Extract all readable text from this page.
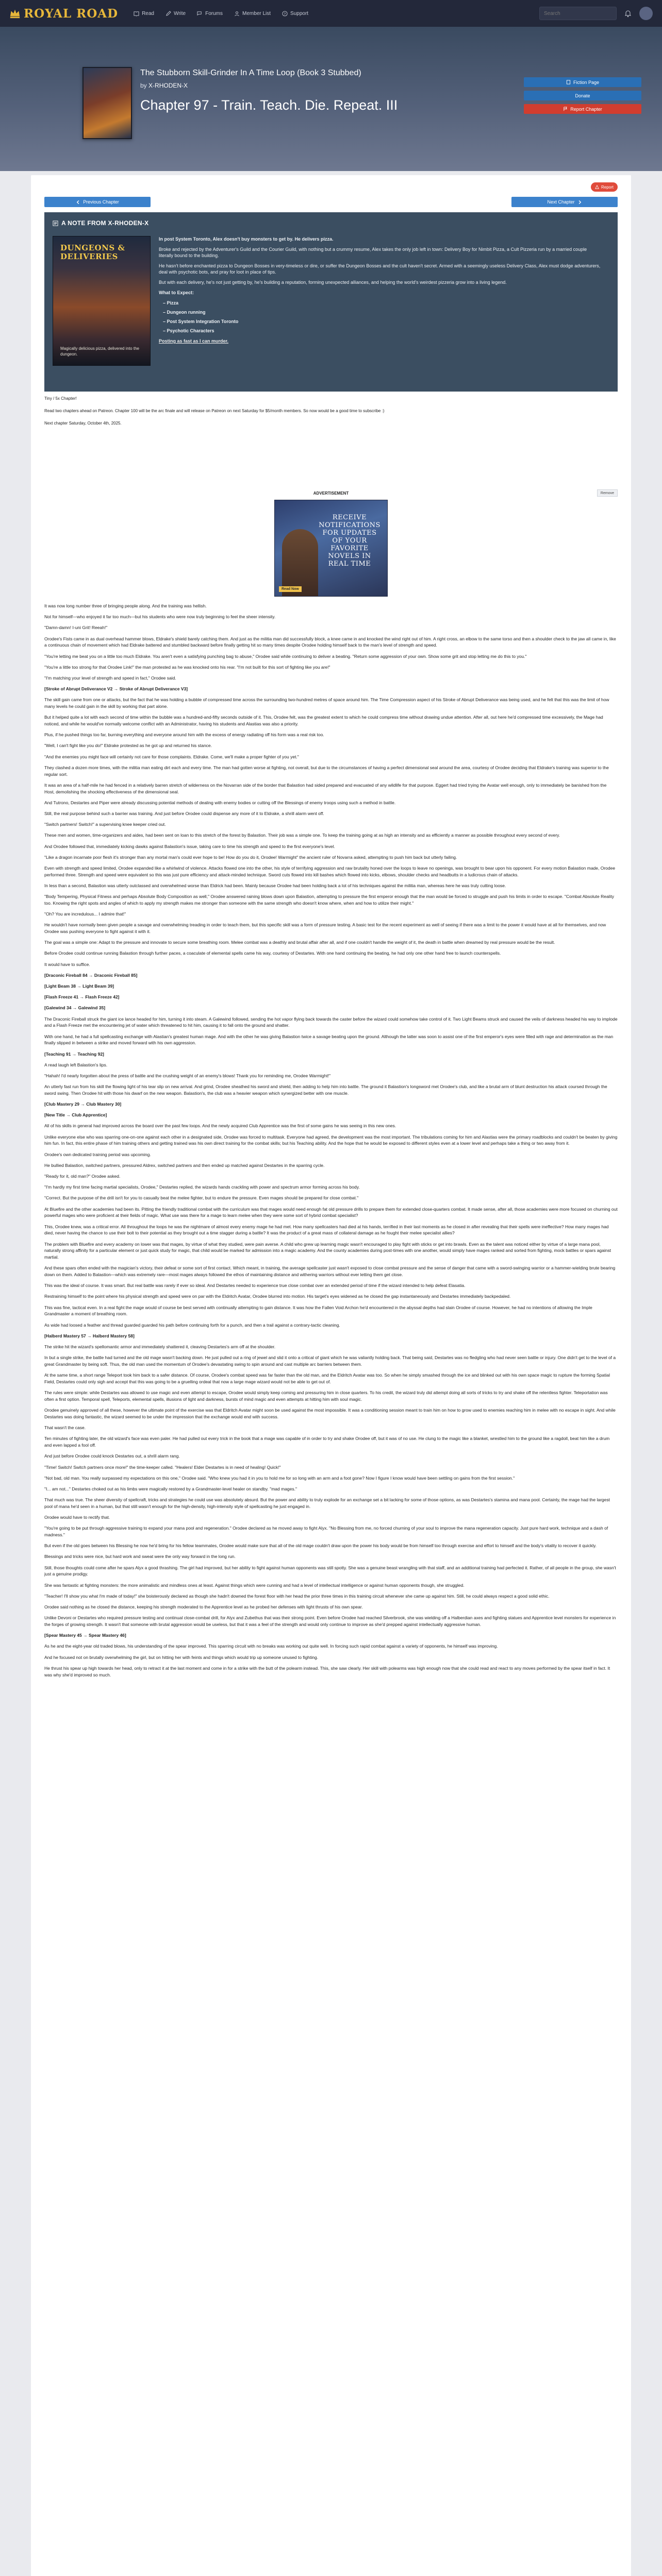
ROYAL ROAD	Read	Write	Forums	Member List	? Support
Search
The Stubborn Skill-Grinder In A Time Loop (Book 3 Stubbed)
by X-RHODEN-X
Chapter 97 - Train. Teach. Die. Repeat. III
Fiction Page
Donate
Report Chapter
Report
Previous Chapter	Next Chapter
A NOTE FROM X-RHODEN-X
DUNGEONS & DELIVERIES
Magically delicious pizza, delivered into the dungeon.

In post System Toronto, Alex doesn't buy monsters to get by. He delivers pizza.

Broke and rejected by the Adventurer's Guild and the Courier Guild, with nothing but a crummy resume, Alex takes the only job left in town: Delivery Boy for Nimbit Pizza, a Cult Pizzeria run by a married couple literally bound to the building.

He hasn't before enchanted pizza to Dungeon Bosses in very-timeless or dire, or suffer the Dungeon Bosses and the cult haven't secret. Armed with a seemingly useless Delivery Class, Alex must dodge adventurers, deal with psychotic bots, and pray for loot in place of tips.

But with each delivery, he's not just getting by, he's building a reputation, forming unexpected alliances, and helping the world's weirdest pizzeria grow into a living legend.

What to Expect:

– Pizza
– Dungeon running
– Post System Integration Toronto
– Psychotic Characters

Posting as fast as I can murder.

Tiny / 5x Chapter!
Read two chapters ahead on Patreon. Chapter 100 will be the arc finale and will release on Patreon on next Saturday for $5/month members. So now would be a good time to subscribe :)
Next chapter Saturday, October 4th, 2025.
ADVERTISEMENT	Remove
RECEIVE NOTIFICATIONS FOR UPDATES OF YOUR FAVORITE NOVELS IN REAL TIME
Read Now

It was now long number three of bringing people along. And the training was hellish.

Not for himself—who enjoyed it far too much—but his students who were now truly beginning to feel the sheer intensity.

"Damn-damn! I-uni Grit! Reeah!"

Orodee's Fists came in as dual overhead hammer blows, Eldrake's shield barely catching them. And just as the militia man did successfully block, a knee came in and knocked the wind right out of him. A right cross, an elbow to the same torso and then a shoulder check to the jaw all came in, like a continuous chain of movement which had Eldrake battered and stumbled backward before finally getting hit so many times despite Orodee holding himself back to the man's level of strength and speed.

"You're letting me beat you on a little too much Eldrake. You aren't even a satisfying punching bag to abuse," Orodee said while continuing to deliver a beating. "Return some aggression of your own. Show some grit and stop letting me do this to you."

"You're a little too strong for that Orodee Link!" the man protested as he was knocked onto his rear. "I'm not built for this sort of fighting like you are!"

"I'm matching your level of strength and speed in fact," Orodee said.

[Stroke of Abrupt Deliverance V2 → Stroke of Abrupt Deliverance V3]

The skill gain came from one or attacks, but the fact that he was holding a bubble of compressed time across the surrounding two-hundred metres of space around him. The Time Compression aspect of his Stroke of Abrupt Deliverance was being used, and he felt that this was the limit of how many levels he could gain in the skill by working that part alone.

But it helped quite a lot with each second of time within the bubble was a hundred-and-fifty seconds outside of it. This, Orodee felt, was the greatest extent to which he could compress time without drawing undue attention. After all, out here he'd compressed time excessively, the Mage had noticed, and while he would've normally welcome conflict with an Administrator, having his students and Alastias was also a priority.

Plus, if he pushed things too far, burning everything and everyone around him with the excess of energy radiating off his form was a real risk too.

"Well, I can't fight like you do!" Eldrake protested as he got up and returned his stance.

"And the enemies you might face will certainly not care for those complaints. Eldrake. Come, we'll make a proper fighter of you yet."

They clashed a dozen more times, with the militia man eating dirt each and every time. The man had gotten worse at fighting, not overall, but due to the circumstances of having a perfect dimensional seal around the area, courtesy of Orodee deciding that Eldrake's training was superior to the regular sort.

It was an area of a half-mile he had fenced in a relatively barren stretch of wilderness on the Novarran side of the border that Balastion had sided prepared and evacuated of any wildlife for that purpose. Eggert had tried trying the Avatar well enough, only to immediately be banished from the Host, demolishing the shocking effectiveness of the dimensional seal.

And Tutrono, Destartes and Piper were already discussing potential methods of dealing with enemy bodies or cutting off the Blessings of enemy troops using such a method in battle.

Still, the real purpose behind such a barrier was training. And just before Orodee could dispense any more of it to Eldrake, a shrill alarm went off.

"Switch partners! Switch!" a supervising knee keeper cried out.

These men and women, time-organizers and aides, had been sent on loan to this stretch of the forest by Balastion. Their job was a simple one. To keep the training going at as high an intensity and as efficiently a manner as possible throughout every second of every.

And Orodee followed that, immediately kicking dawks against Balastion's issue, taking care to time his strength and speed to the first everyone's level.

"Like a dragon incarnate poor flesh it's stronger than any mortal man's could ever hope to be! How do you do it, Orodee! Warmight" the ancient ruler of Novarra asked, attempting to push him back but utterly failing.

Even with strength and speed limited, Orodee expanded like a whirlwind of violence. Attacks flowed one into the other, his style of terrifying aggression and raw brutality honed over the loops to leave no openings, was brought to bear upon his opponent. For every motion Balastion made, Orodee performed three. Strength and speed were equivalent so this was just pure efficiency and attack-minded technique. Sword cuts flowed into kill bashes which flowed into kicks, elbows, shoulder checks and headbutts in a ludicrous chain of attacks.

In less than a second, Balastion was utterly outclassed and overwhelmed worse than Eldrick had been. Mainly because Orodee had been holding back a lot of his techniques against the militia man, whereas here he was truly cutting loose.

"Body Tempering, Physical Fitness and perhaps Absolute Body Composition as well," Orodee answered raining blows down upon Balastion, attempting to pressure the first emperor enough that the man would be forced to struggle and push his limits in order to escape. "Combat Absolute Reality too. Knowing the right spots and angles of which to apply my strength makes me stronger than someone with the same strength who doesn't know where, when and how to utilize their might."

"Oh? You are incredulous... I admire that!"

He wouldn't have normally been given people a savage and overwhelming treading in order to teach them, but this specific skill was a form of pressure testing. A basic test for the recent experiment as well of seeing if there was a limit to the power it would have at all for themselves, and now Orodee was pushing everyone to fight against it with it.

The goal was a simple one: Adapt to the pressure and innovate to secure some breathing room. Melee combat was a deathly and brutal affair after all, and if one couldn't handle the weight of it, the death in battle when dreamed by real pressure would be the result.

Before Orodee could continue running Balastion through further paces, a coaculate of elemental spells came his way, courtesy of Destartes. With one hand continuing the beating, he had only one other hand free to launch counterspells.

It would have to suffice.

[Draconic Fireball 84 → Draconic Fireball 85]

[Light Beam 38 → Light Beam 39]

[Flash Freeze 41 → Flash Freeze 42]

[Galewind 34 → Galewind 35]

The Draconic Fireball struck the giant ice lance headed for him, turning it into steam. A Galewind followed, sending the hot vapor flying back towards the caster before the wizard could somehow take control of it. Two Light Beams struck and caused the veils of darkness headed his way to implode and a Flash Freeze met the encountering jet of water which threatened to hit him, causing it to fall onto the ground and shatter.

With one hand, he had a full spellcasting exchange with Alastian's greatest human mage. And with the other he was giving Balastion twice a savage beating upon the ground. Although the latter was soon to assist one of the first emperor's eyes were filled with rage and determination as the man finally slipped in between a strike and moved forward with his own aggression.

[Teaching 91 → Teaching 92]

A read laugh left Balastion's lips.

"Hahah! I'd nearly forgotten about the press of battle and the crushing weight of an enemy's blows! Thank you for reminding me, Orodee Warmight!"

An utterly fast run from his skill the flowing light of his tear slip on new arrival. And grind, Orodee sheathed his sword and shield, then adding to help him into battle. The ground it Balastion's longsword met Orodee's club, and like a brutal arm of blunt destruction his attack coursed through the sword swing. Then Orodee hit with those his dwarf on the new weapon. Balastion's, the club was a heavier weapon which synergized better with one muscle.

[Club Mastery 29 → Club Mastery 30]

[New Title → Club Apprentice]

All of his skills in general had improved across the board over the past few loops. And the newly acquired Club Apprentice was the first of some gains he was seeing in this new ones.

Unlike everyone else who was sparring one-on-one against each other in a designated side, Orodee was forced to multitask. Everyone had agreed, the development was the most important. The tribulations coming for him and Alastias were the primary roadblocks and couldn't be beaten by giving him fun. In fact, this entire phase of him training others and getting trained was his own direct training for the combat skills; but his Teaching ability. And the hope that he would be exposed to different styles even at a lower level and perhaps take a thing or two away from it.

Orodee's own dedicated training period was upcoming.

He bullied Balastion, switched partners, pressured Aldrex, switched partners and then ended up matched against Destartes in the sparring cycle.

"Ready for it, old man?" Orodee asked.

"I'm hardly my first time facing martial specialists, Orodee," Destartes replied, the wizards hands crackling with power and spectrum armor forming across his body.

"Correct. But the purpose of the drill isn't for you to casually beat the melee fighter, but to endure the pressure. Even mages should be prepared for close combat."

At Bluefire and the other academies had been its. Pitting the friendly traditional combat with the curriculum was that mages would need enough fat old pressure drills to prepare them for extended close-quarters combat. It made sense, after all, those academies were more focused on churning out powerful mages who were proficient at their fields of magic. What use was there for a mage to learn melee when they were some sort of hybrid combat specialist?

This, Orodee knew, was a critical error. All throughout the loops he was the nightmare of almost every enemy mage he had met. How many spellcasters had died at his hands, terrified in their last moments as he closed in after revealing that their spells were ineffective? How many mages had died, never having the chance to use their bolt to their potential as they brought out a time stagger during a battle? It was the product of a great mass of collateral damage as he fought their melee specialist allies?

The problem with Bluefire and every academy on lower was that mages, by virtue of what they studied, were pain averse. A child who grew up learning magic wasn't encouraged to play fight with sticks or get into brawls. Even as the talent was noticed either by virtue of a large mana pool, naturally strong affinity for a particular element or just quick study for magic, that child would be marked for admission into a magic academy. And the county academies during post-times with one another, would simply have mages ranked and sorted from fighting, mock battles or spars against martial.

And these spars often ended with the magician's victory, their defeat or some sort of first contact. Which meant, in training, the average spellcaster just wasn't exposed to close combat pressure and the sense of danger that came with a sword-swinging warrior or a hammer-wielding brute bearing down on them. Added to Balastion—which was extremely rare—most mages always followed the ethos of maintaining distance and withering warriors without ever letting them get close.

This was the ideal of course. It was smart. But real battle was rarely if ever so ideal. And Destartes needed to experience true close combat over an extended period of time if the wizard intended to help defeat Elasatia.

Restraining himself to the point where his physical strength and speed were on par with the Eldritch Avatar, Orodee blurred into motion. His target's eyes widened as he closed the gap instantaneously and Destartes immediately backpedaled.

This was fine, tactical even. In a real fight the mage would of course be best served with continually attempting to gain distance. It was how the Fallen Void Archon he'd encountered in the abyssal depths had slain Orodee of course. However, he had no intentions of allowing the Imple Grandmaster a moment of breathing room.

As wide had loosed a feather and thread guarded guarded his path before continuing forth for a punch, and then a trail against a contrary-tactic cleaning.

[Halberd Mastery 57 → Halberd Mastery 58]

The strike hit the wizard's spellomantic armor and immediately shattered it, cleaving Destartes's arm off at the shoulder.

In but a single strike, the battle had turned and the old mage wasn't backing down. He just pulled out a ring of jewel and slid it onto a critical of giant which he was valiantly holding back. That being said, Destartes was no fledgling who had never seen battle or injury. One didn't get to the level of a great Grandmaster by being soft. Thus, the old man used the momentum of Orodee's devastating swing to spin around and cast multiple arc barriers between them.

At the same time, a short range Teleport took him back to a safer distance. Of course, Orodee's combat speed was far faster than the old man, and the Eldritch Avatar was too. So when he simply smashed through the ice and blinked out with his own space magic to rupture the forming Spatial Field, Destartes could only sigh and accept that this was going to be a gruelling ordeal that now a large mage wizard would not be able to get out of.

The rules were simple: while Destartes was allowed to use magic and even attempt to escape, Orodee would simply keep coming and pressuring him in close quarters. To his credit, the wizard truly did attempt doing all sorts of tricks to try and shake off the relentless fighter. Teleportation was often a first option. Temporal spell, Teleports, elemental spells, illusions of light and darkness, bursts of mind magic and even attempts at hitting him with soul magic.

Orodee genuinely approved of all these, however the ultimate point of the exercise was that Eldritch Avatar might soon be used against the most impossible. It was a conditioning session meant to train him on how to grow used to enemies reaching him in melee with no escape in sight. And while Destartes was doing fantastic, the wizard seemed to be under the impression that the exchange would end with success.

That wasn't the case.

Ten minutes of fighting later, the old wizard's face was even paler. He had pulled out every trick in the book that a mage was capable of in order to try and shake Orodee off, but it was of no use. He clung to the magic like a blanket, wrestled him to the ground like a ragdoll, beat him like a drum and even lapped a fool off.

And just before Orodee could knock Destartes out, a shrill alarm rang.

"Time! Switch! Switch partners once more!" the time-keeper called. "Healers! Elder Destartes is in need of healing! Quick!"

"Not bad, old man. You really surpassed my expectations on this one," Orodee said. "Who knew you had it in you to hold me for so long with an arm and a foot gone? Now I figure I know would have been settling on gains from the first session."

"I... am not..." Destartes choked out as his limbs were magically restored by a Grandmaster-level healer on standby. "mad mages."

That much was true. The sheer diversity of spellcraft, tricks and strategies he could use was absolutely absurd. But the power and ability to truly explode for an exchange set a bit lacking for some of those options, as was Destartes's stamina and mana pool. Certainly, the mage had the largest pool of mana he'd seen in a human, but that still wasn't enough for the high-density, high-intensity style of spellcasting he just engaged in.

Orodee would have to rectify that.

"You're going to be put through aggressive training to expand your mana pool and regeneration." Orodee declared as he moved away to fight Alyx. "No Blessing from me, no forced churning of your soul to improve the mana regeneration capacity. Just pure hard work, technique and a dash of madness."

But even if the old goes between his Blessing he now he'd bring for his fellow teammates, Orodee would make sure that all of the old mage couldn't draw upon the power his body would be from himself too through exercise and effort to himself and the body's vitality to recover it quickly.

Blessings and tricks were nice, but hard work and sweat were the only way forward in the long run.

Still, those thoughts could come after he spars Alyx a good thrashing. The girl had improved, but her ability to fight against human opponents was still spotty. She was a genuine beast wrangling with that staff, and an additional training had perfected it. Rather, of all people in the group, she wasn't just a genuine prodigy.

She was fantastic at fighting monsters: the more animalistic and mindless ones at least. Against things which were cunning and had a level of intellectual intelligence or against human opponents though, she struggled.

"Teacher! I'll show you what I'm made of today!" she boisterously declared as though she hadn't downed the forest floor with her head the prior three times in this training circuit whenever she came up against him. Still, he could always respect a good solid ethic.

Orodee said nothing as he closed the distance, keeping his strength moderated to the Apprentice level as he probed her defenses with light thrusts of his own spear.

Unlike Devoni or Destartes who required pressure testing and continual close-combat drill, for Alyx and Zubethus that was their strong point. Even before Orodee had reached Silverbrook, she was wielding off a Halberdian axes and fighting statues and Apprentice level monsters for experience in the forges of growing strength. It wasn't that someone with brutal aggression would be useless, but that it was a feel of the strength and would only continue to improve as she'd prepped against intellectually aggressive human.

[Spear Mastery 45 → Spear Mastery 46]

As he and the eight-year old traded blows, his understanding of the spear improved. This sparring circuit with no breaks was working out quite well. In forcing such rapid combat against a variety of opponents, he himself was improving.

And he focused not on brutally overwhelming the girl, but on hitting her with feints and things which would trip up someone unused to fighting.

He thrust his spear up high towards her head, only to retract it at the last moment and come in for a strike with the butt of the polearm instead. This, she saw clearly. Her skill with polearms was high enough now that she could read and react to any moves performed by the spear itself in fact. It was why she'd improved so much.
